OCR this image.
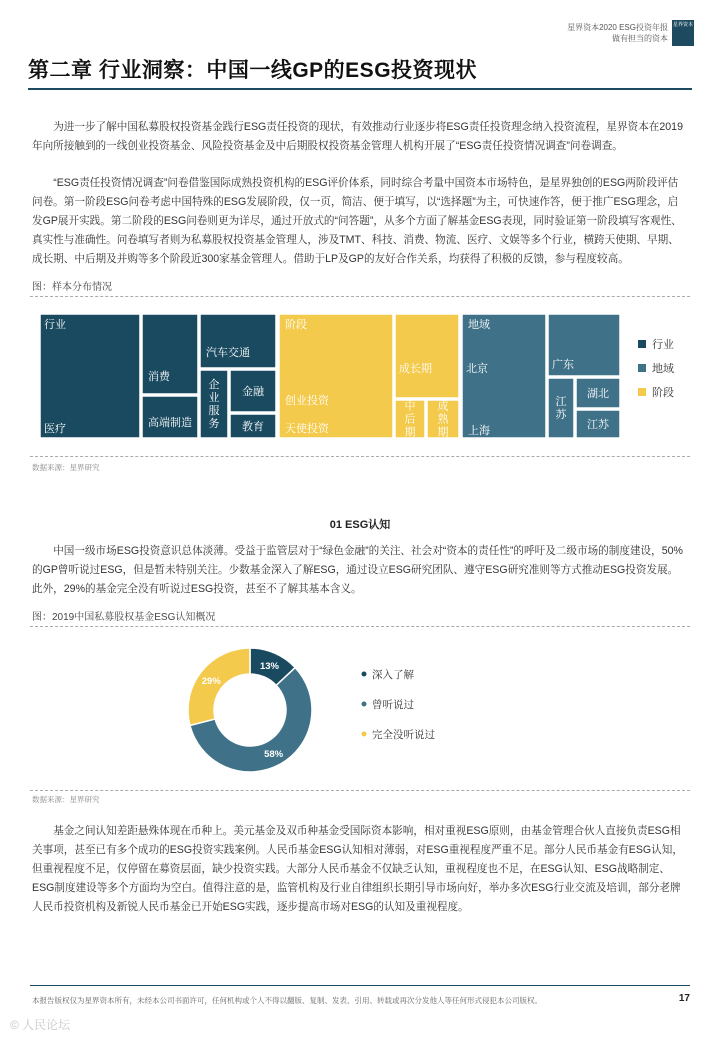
星界资本2020 ESG投资年报
做有担当的资本
星界资本
第二章 行业洞察：中国一线GP的ESG投资现状

为进一步了解中国私募股权投资基金践行ESG责任投资的现状，有效推动行业逐步将ESG责任投资理念纳入投资流程，星界资本在2019年向所接触到的一线创业投资基金、风险投资基金及中后期股权投资基金管理人机构开展了“ESG责任投资情况调查”问卷调查。

“ESG责任投资情况调查”问卷借鉴国际成熟投资机构的ESG评价体系，同时综合考量中国资本市场特色，是星界独创的ESG两阶段评估问卷。第一阶段ESG问卷考虑中国特殊的ESG发展阶段，仅一页，简洁、便于填写，以“选择题”为主，可快速作答，便于推广ESG理念，启发GP展开实践。第二阶段的ESG问卷则更为详尽，通过开放式的“问答题”，从多个方面了解基金ESG表现，同时验证第一阶段填写客观性、真实性与准确性。问卷填写者则为私募股权投资基金管理人，涉及TMT、科技、消费、物流、医疗、文娱等多个行业，横跨天使期、早期、成长期、中后期及并购等多个阶段近300家基金管理人。借助于LP及GP的友好合作关系，均获得了积极的反馈，参与程度较高。

图：样本分布情况
行业
医疗
消费
高端制造
汽车交通
企业服务
金融
教育
阶段
创业投资
天使投资
成长期
中后期
成熟期
地域
北京
上海
广东
江苏
湖北
江苏
行业
地域
阶段
数据来源：星界研究
01 ESG认知

中国一级市场ESG投资意识总体淡薄。受益于监管层对于“绿色金融”的关注、社会对“资本的责任性”的呼吁及二级市场的制度建设，50%的GP曾听说过ESG，但是暂未特别关注。少数基金深入了解ESG，通过设立ESG研究团队、遵守ESG研究准则等方式推动ESG投资发展。此外，29%的基金完全没有听说过ESG投资，甚至不了解其基本含义。

图：2019中国私募股权基金ESG认知概况
13%
58%
29%
深入了解
曾听说过
完全没听说过
数据来源：星界研究

基金之间认知差距悬殊体现在币种上。美元基金及双币种基金受国际资本影响，相对重视ESG原则，由基金管理合伙人直接负责ESG相关事项，甚至已有多个成功的ESG投资实践案例。人民币基金ESG认知相对薄弱，对ESG重视程度严重不足。部分人民币基金有ESG认知，但重视程度不足，仅停留在募资层面，缺少投资实践。大部分人民币基金不仅缺乏认知，重视程度也不足，在ESG认知、ESG战略制定、ESG制度建设等多个方面均为空白。值得注意的是，监管机构及行业自律组织长期引导市场向好，举办多次ESG行业交流及培训，部分老牌人民币投资机构及新锐人民币基金已开始ESG实践，逐步提高市场对ESG的认知及重视程度。

本报告版权仅为星界资本所有，未经本公司书面许可，任何机构或个人不得以翻版、复制、发表、引用、转载或再次分发他人等任何形式侵犯本公司版权。	17
© 人民论坛
